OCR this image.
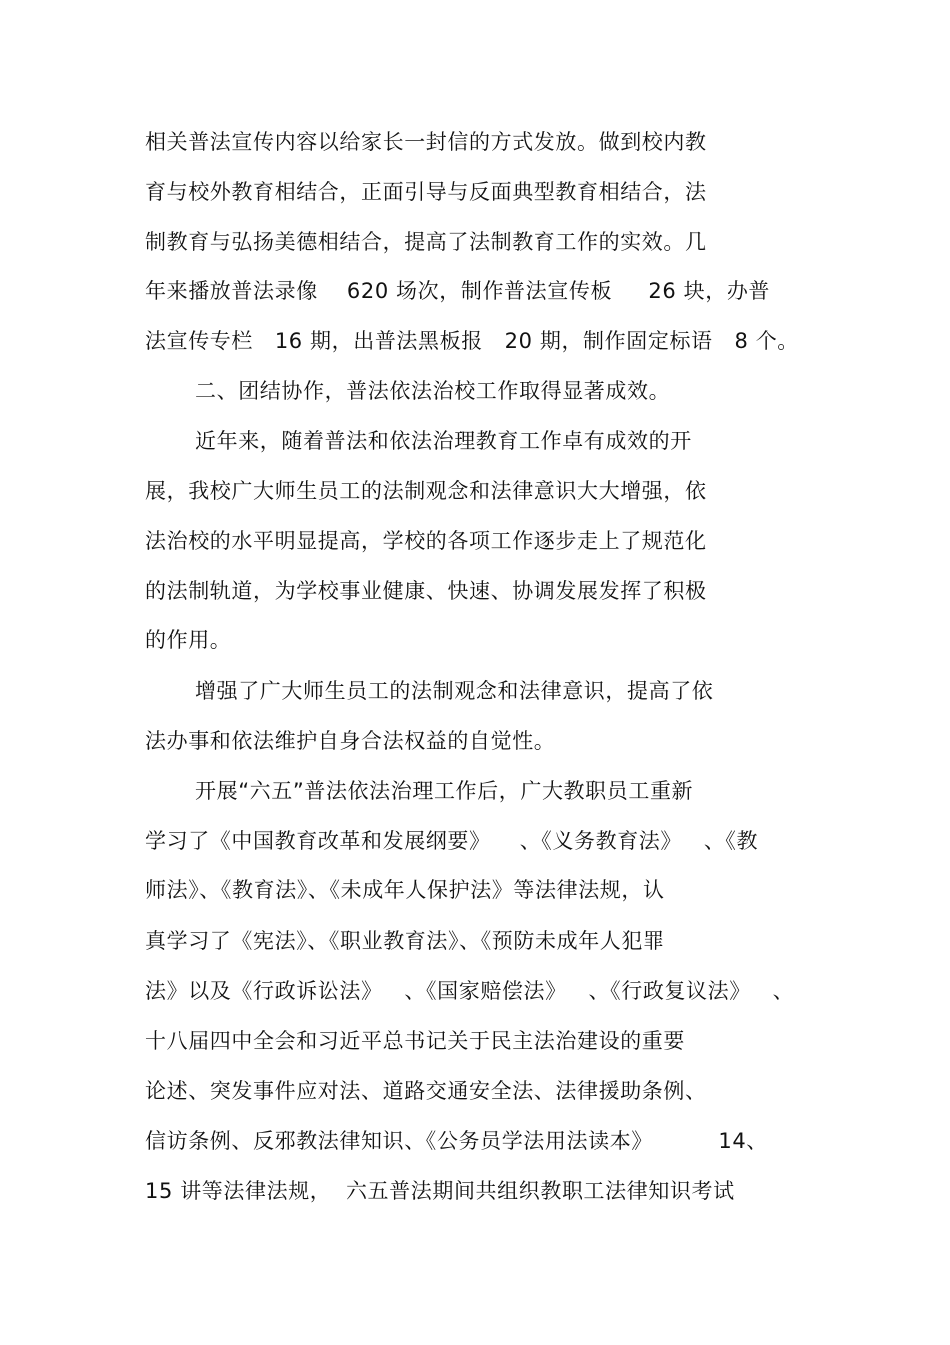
相关普法宣传内容以给家长一封信的方式发放。做到校内教
育与校外教育相结合，正面引导与反面典型教育相结合，法
制教育与弘扬美德相结合，提高了法制教育工作的实效。几
年来播放普法录像    620 场次，制作普法宣传板     26 块，办普
法宣传专栏   16 期，出普法黑板报   20 期，制作固定标语   8 个。
二、团结协作，普法依法治校工作取得显著成效。
近年来，随着普法和依法治理教育工作卓有成效的开
展，我校广大师生员工的法制观念和法律意识大大增强，依
法治校的水平明显提高，学校的各项工作逐步走上了规范化
的法制轨道，为学校事业健康、快速、协调发展发挥了积极
的作用。
增强了广大师生员工的法制观念和法律意识，提高了依
法办事和依法维护自身合法权益的自觉性。
开展“六五”普法依法治理工作后，广大教职员工重新
学习了《中国教育改革和发展纲要》    、《义务教育法》   、《教
师法》、《教育法》、《未成年人保护法》等法律法规，认
真学习了《宪法》、《职业教育法》、《预防未成年人犯罪
法》以及《行政诉讼法》   、《国家赔偿法》   、《行政复议法》   、
十八届四中全会和习近平总书记关于民主法治建设的重要
论述、突发事件应对法、道路交通安全法、法律援助条例、
信访条例、反邪教法律知识、《公务员学法用法读本》         14、
15 讲等法律法规，  六五普法期间共组织教职工法律知识考试
